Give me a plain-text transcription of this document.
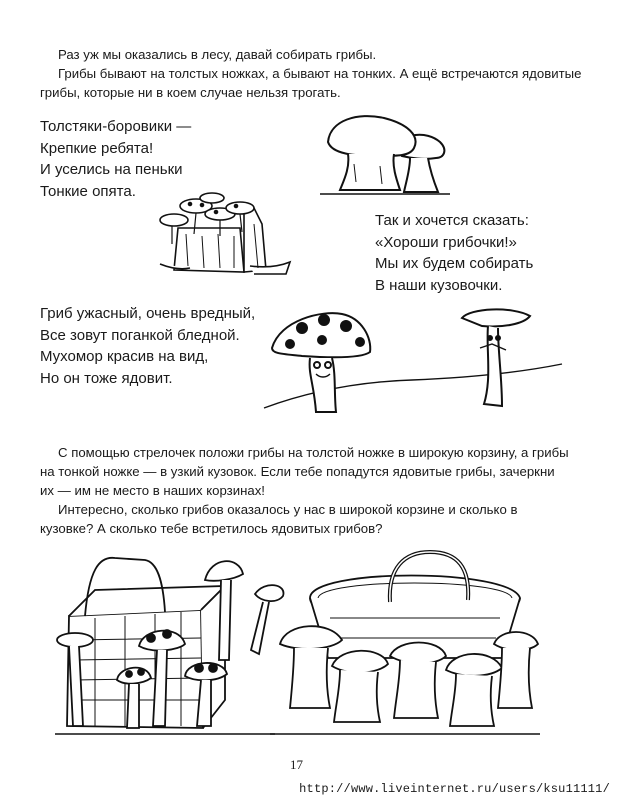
Раз уж мы оказались в лесу, давай собирать грибы.

Грибы бывают на толстых ножках, а бывают на тонких. А ещё встречаются ядовитые грибы, которые ни в коем случае нельзя трогать.

Толстяки-боровики —
Крепкие ребята!
И уселись на пеньки
Тонкие опята.
Так и хочется сказать:
«Хороши грибочки!»
Мы их будем собирать
В наши кузовочки.
Гриб ужасный, очень вредный,
Все зовут поганкой бледной.
Мухомор красив на вид,
Но он тоже ядовит.

С помощью стрелочек положи грибы на толстой ножке в широкую корзину, а грибы на тонкой ножке — в узкий кузовок. Если тебе попадутся ядовитые грибы, зачеркни их — им не место в наших корзинах!

Интересно, сколько грибов оказалось у нас в широкой корзине и сколько в кузовке? А сколько тебе встретилось ядовитых грибов?

17
http://www.liveinternet.ru/users/ksu11111/
